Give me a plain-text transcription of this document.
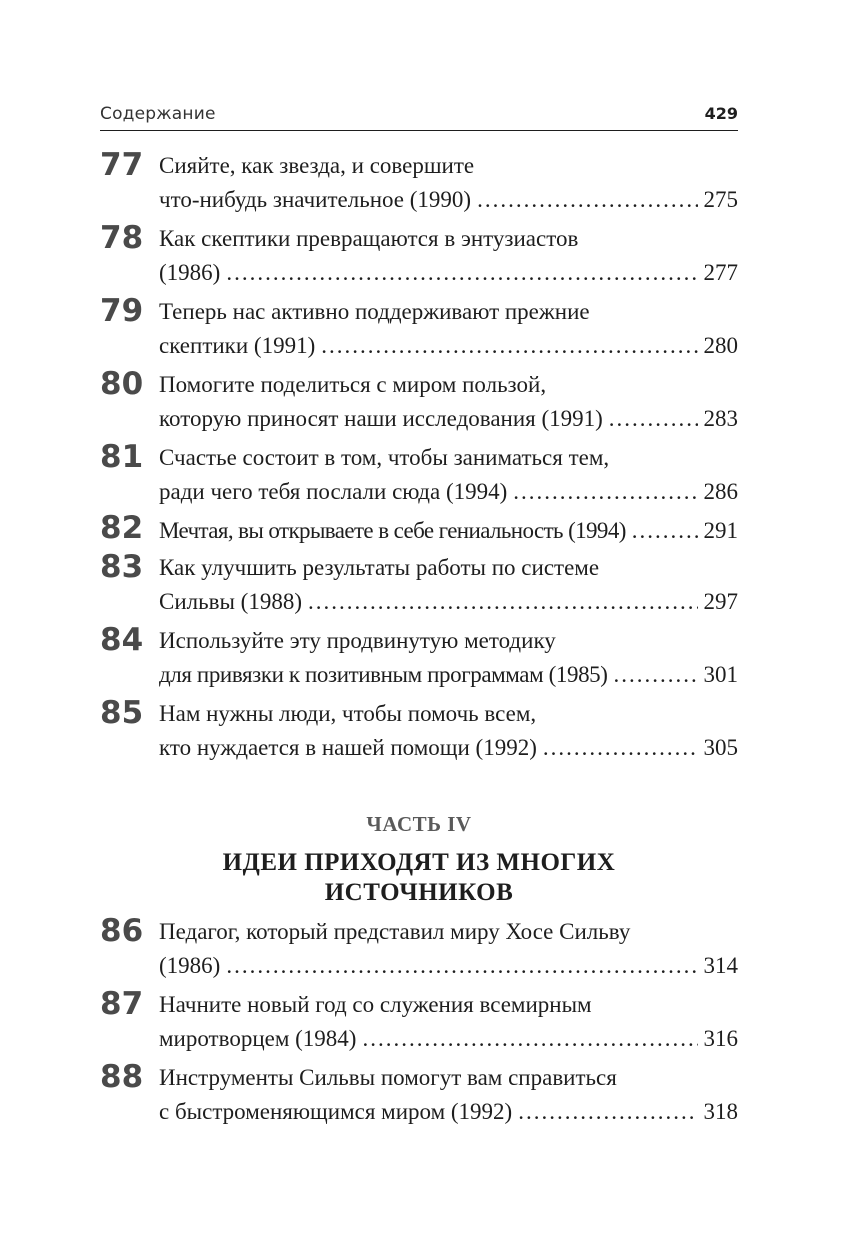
Содержание	429
77 Сияйте, как звезда, и совершите
что-нибудь значительное (1990) .....	275
78 Как скептики превращаются в энтузиастов
(1986) .....	277
79 Теперь нас активно поддерживают прежние
скептики (1991) .....	280
80 Помогите поделиться с миром пользой,
которую приносят наши исследования (1991) .....	283
81 Счастье состоит в том, чтобы заниматься тем,
ради чего тебя послали сюда (1994) .....	286
82 Мечтая, вы открываете в себе гениальность (1994) .....	291
83 Как улучшить результаты работы по системе
Сильвы (1988) .....	297
84 Используйте эту продвинутую методику
для привязки к позитивным программам (1985) .....	301
85 Нам нужны люди, чтобы помочь всем,
кто нуждается в нашей помощи (1992) .....	305
ЧАСТЬ IV
ИДЕИ ПРИХОДЯТ ИЗ МНОГИХ
ИСТОЧНИКОВ
86 Педагог, который представил миру Хосе Сильву
(1986) .....	314
87 Начните новый год со служения всемирным
миротворцем (1984) .....	316
88 Инструменты Сильвы помогут вам справиться
с быстроменяющимся миром (1992) .....	318
